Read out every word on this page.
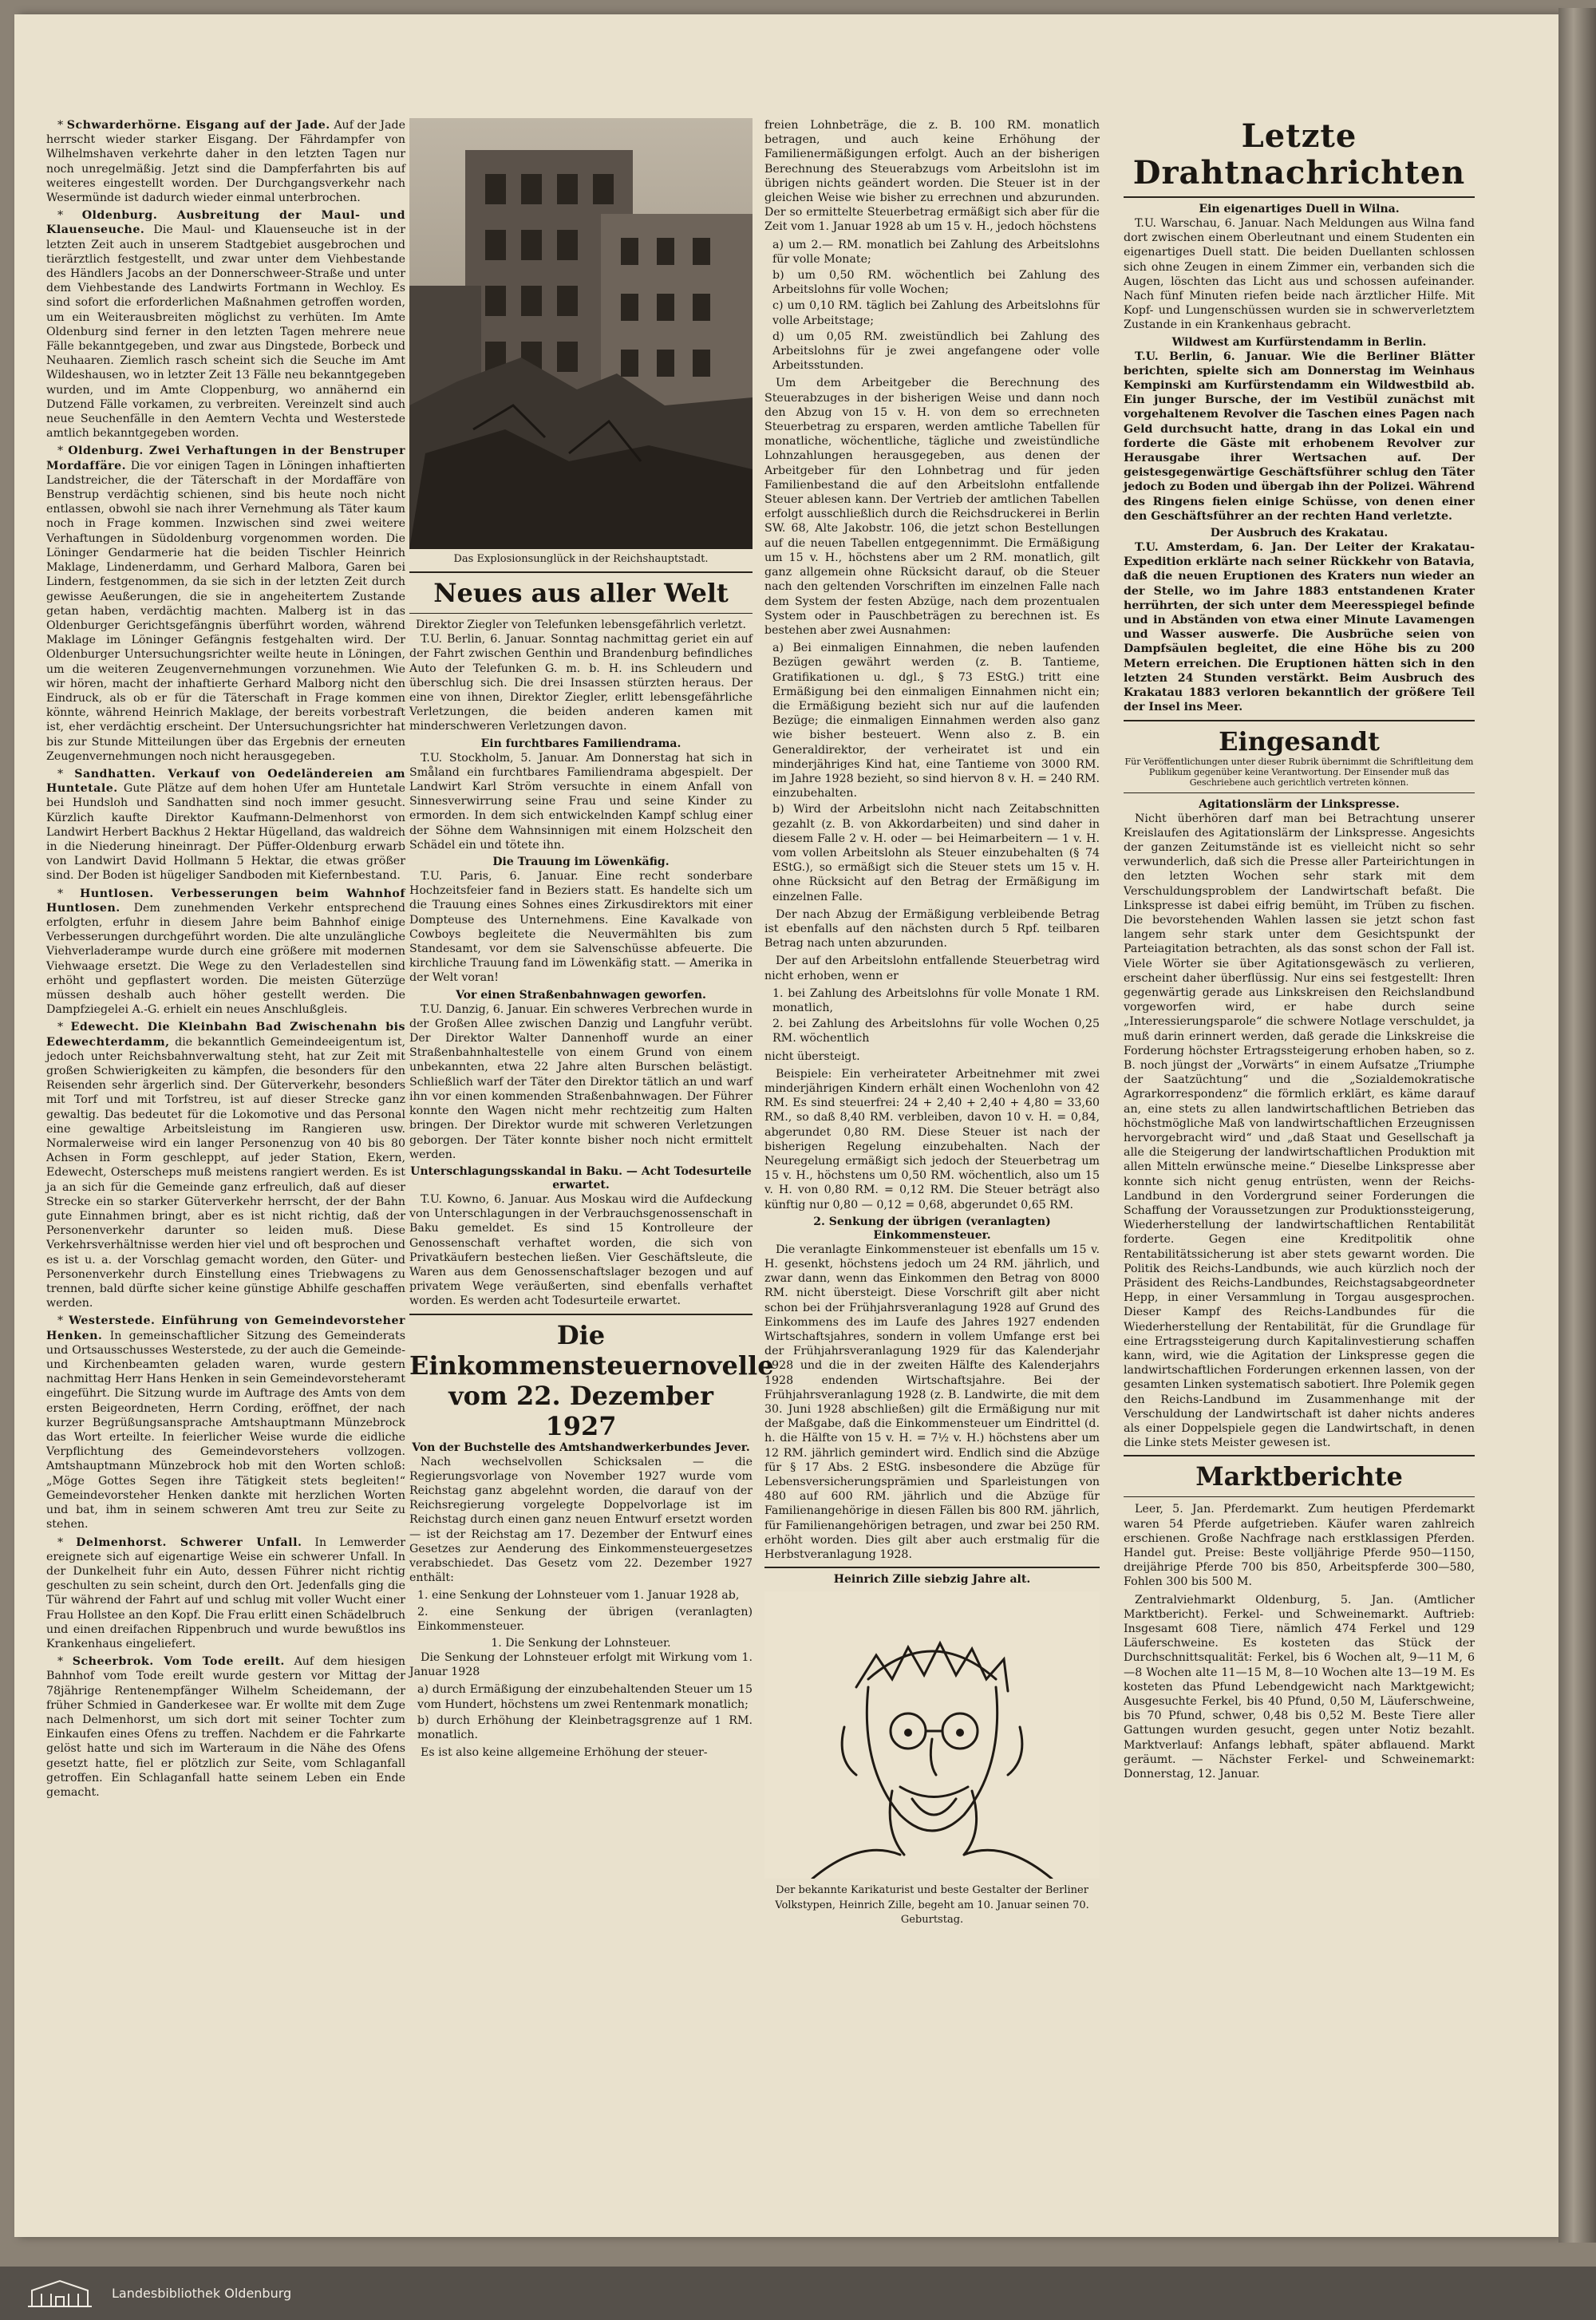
* Schwarderhörne. Eisgang auf der Jade. Auf der Jade herrscht wieder starker Eisgang. Der Fährdampfer von Wilhelmshaven verkehrte daher in den letzten Tagen nur noch unregelmäßig. Jetzt sind die Dampferfahrten bis auf weiteres eingestellt worden. Der Durchgangsverkehr nach Wesermünde ist dadurch wieder einmal unterbrochen.

* Oldenburg. Ausbreitung der Maul- und Klauenseuche. Die Maul- und Klauenseuche ist in der letzten Zeit auch in unserem Stadtgebiet ausgebrochen und tierärztlich festgestellt, und zwar unter dem Viehbestande des Händlers Jacobs an der Donnerschweer-Straße und unter dem Viehbestande des Landwirts Fortmann in Wechloy. Es sind sofort die erforderlichen Maßnahmen getroffen worden, um ein Weiterausbreiten möglichst zu verhüten. Im Amte Oldenburg sind ferner in den letzten Tagen mehrere neue Fälle bekanntgegeben, und zwar aus Dingstede, Borbeck und Neuhaaren. Ziemlich rasch scheint sich die Seuche im Amt Wildeshausen, wo in letzter Zeit 13 Fälle neu bekanntgegeben wurden, und im Amte Cloppenburg, wo annähernd ein Dutzend Fälle vorkamen, zu verbreiten. Vereinzelt sind auch neue Seuchenfälle in den Aemtern Vechta und Westerstede amtlich bekanntgegeben worden.

* Oldenburg. Zwei Verhaftungen in der Benstruper Mordaffäre. Die vor einigen Tagen in Löningen inhaftierten Landstreicher, die der Täterschaft in der Mordaffäre von Benstrup verdächtig schienen, sind bis heute noch nicht entlassen, obwohl sie nach ihrer Vernehmung als Täter kaum noch in Frage kommen. Inzwischen sind zwei weitere Verhaftungen in Südoldenburg vorgenommen worden. Die Löninger Gendarmerie hat die beiden Tischler Heinrich Maklage, Lindenerdamm, und Gerhard Malbora, Garen bei Lindern, festgenommen, da sie sich in der letzten Zeit durch gewisse Aeußerungen, die sie in angeheitertem Zustande getan haben, verdächtig machten. Malberg ist in das Oldenburger Gerichtsgefängnis überführt worden, während Maklage im Löninger Gefängnis festgehalten wird. Der Oldenburger Untersuchungsrichter weilte heute in Löningen, um die weiteren Zeugenvernehmungen vorzunehmen. Wie wir hören, macht der inhaftierte Gerhard Malborg nicht den Eindruck, als ob er für die Täterschaft in Frage kommen könnte, während Heinrich Maklage, der bereits vorbestraft ist, eher verdächtig erscheint. Der Untersuchungsrichter hat bis zur Stunde Mitteilungen über das Ergebnis der erneuten Zeugenvernehmungen noch nicht herausgegeben.

* Sandhatten. Verkauf von Oedeländereien am Huntetale. Gute Plätze auf dem hohen Ufer am Huntetale bei Hundsloh und Sandhatten sind noch immer gesucht. Kürzlich kaufte Direktor Kaufmann-Delmenhorst von Landwirt Herbert Backhus 2 Hektar Hügelland, das waldreich in die Niederung hineinragt. Der Püffer-Oldenburg erwarb von Landwirt David Hollmann 5 Hektar, die etwas größer sind. Der Boden ist hügeliger Sandboden mit Kiefernbestand.

* Huntlosen. Verbesserungen beim Wahnhof Huntlosen. Dem zunehmenden Verkehr entsprechend erfolgten, erfuhr in diesem Jahre beim Bahnhof einige Verbesserungen durchgeführt worden. Die alte unzulängliche Viehverladerampe wurde durch eine größere mit modernen Viehwaage ersetzt. Die Wege zu den Verladestellen sind erhöht und gepflastert worden. Die meisten Güterzüge müssen deshalb auch höher gestellt werden. Die Dampfziegelei A.-G. erhielt ein neues Anschlußgleis.

* Edewecht. Die Kleinbahn Bad Zwischenahn bis Edewechterdamm, die bekanntlich Gemeindeeigentum ist, jedoch unter Reichsbahnverwaltung steht, hat zur Zeit mit großen Schwierigkeiten zu kämpfen, die besonders für den Reisenden sehr ärgerlich sind. Der Güterverkehr, besonders mit Torf und mit Torfstreu, ist auf dieser Strecke ganz gewaltig. Das bedeutet für die Lokomotive und das Personal eine gewaltige Arbeitsleistung im Rangieren usw. Normalerweise wird ein langer Personenzug von 40 bis 80 Achsen in Form geschleppt, auf jeder Station, Ekern, Edewecht, Osterscheps muß meistens rangiert werden. Es ist ja an sich für die Gemeinde ganz erfreulich, daß auf dieser Strecke ein so starker Güterverkehr herrscht, der der Bahn gute Einnahmen bringt, aber es ist nicht richtig, daß der Personenverkehr darunter so leiden muß. Diese Verkehrsverhältnisse werden hier viel und oft besprochen und es ist u. a. der Vorschlag gemacht worden, den Güter- und Personenverkehr durch Einstellung eines Triebwagens zu trennen, bald dürfte sicher keine günstige Abhilfe geschaffen werden.

* Westerstede. Einführung von Gemeindevorsteher Henken. In gemeinschaftlicher Sitzung des Gemeinderats und Ortsausschusses Westerstede, zu der auch die Gemeinde- und Kirchenbeamten geladen waren, wurde gestern nachmittag Herr Hans Henken in sein Gemeindevorsteheramt eingeführt. Die Sitzung wurde im Auftrage des Amts von dem ersten Beigeordneten, Herrn Cording, eröffnet, der nach kurzer Begrüßungsansprache Amtshauptmann Münzebrock das Wort erteilte. In feierlicher Weise wurde die eidliche Verpflichtung des Gemeindevorstehers vollzogen. Amtshauptmann Münzebrock hob mit den Worten schloß: „Möge Gottes Segen ihre Tätigkeit stets begleiten!“ Gemeindevorsteher Henken dankte mit herzlichen Worten und bat, ihm in seinem schweren Amt treu zur Seite zu stehen.

* Delmenhorst. Schwerer Unfall. In Lemwerder ereignete sich auf eigenartige Weise ein schwerer Unfall. In der Dunkelheit fuhr ein Auto, dessen Führer nicht richtig geschulten zu sein scheint, durch den Ort. Jedenfalls ging die Tür während der Fahrt auf und schlug mit voller Wucht einer Frau Hollstee an den Kopf. Die Frau erlitt einen Schädelbruch und einen dreifachen Rippenbruch und wurde bewußtlos ins Krankenhaus eingeliefert.

* Scheerbrok. Vom Tode ereilt. Auf dem hiesigen Bahnhof vom Tode ereilt wurde gestern vor Mittag der 78jährige Rentenempfänger Wilhelm Scheidemann, der früher Schmied in Ganderkesee war. Er wollte mit dem Zuge nach Delmenhorst, um sich dort mit seiner Tochter zum Einkaufen eines Ofens zu treffen. Nachdem er die Fahrkarte gelöst hatte und sich im Warteraum in die Nähe des Ofens gesetzt hatte, fiel er plötzlich zur Seite, vom Schlaganfall getroffen. Ein Schlaganfall hatte seinem Leben ein Ende gemacht.

Das Explosionsunglück in der Reichshauptstadt.
Neues aus aller Welt
Direktor Ziegler von Telefunken lebensgefährlich verletzt.

T.U. Berlin, 6. Januar. Sonntag nachmittag geriet ein auf der Fahrt zwischen Genthin und Brandenburg befindliches Auto der Telefunken G. m. b. H. ins Schleudern und überschlug sich. Die drei Insassen stürzten heraus. Der eine von ihnen, Direktor Ziegler, erlitt lebensgefährliche Verletzungen, die beiden anderen kamen mit minderschweren Verletzungen davon.

Ein furchtbares Familiendrama.

T.U. Stockholm, 5. Januar. Am Donnerstag hat sich in Småland ein furchtbares Familiendrama abgespielt. Der Landwirt Karl Ström versuchte in einem Anfall von Sinnesverwirrung seine Frau und seine Kinder zu ermorden. In dem sich entwickelnden Kampf schlug einer der Söhne dem Wahnsinnigen mit einem Holzscheit den Schädel ein und tötete ihn.

Die Trauung im Löwenkäfig.

T.U. Paris, 6. Januar. Eine recht sonderbare Hochzeitsfeier fand in Beziers statt. Es handelte sich um die Trauung eines Sohnes eines Zirkusdirektors mit einer Dompteuse des Unternehmens. Eine Kavalkade von Cowboys begleitete die Neuvermählten bis zum Standesamt, vor dem sie Salvenschüsse abfeuerte. Die kirchliche Trauung fand im Löwenkäfig statt. — Amerika in der Welt voran!

Vor einen Straßenbahnwagen geworfen.

T.U. Danzig, 6. Januar. Ein schweres Verbrechen wurde in der Großen Allee zwischen Danzig und Langfuhr verübt. Der Direktor Walter Dannenhoff wurde an einer Straßenbahnhaltestelle von einem Grund von einem unbekannten, etwa 22 Jahre alten Burschen belästigt. Schließlich warf der Täter den Direktor tätlich an und warf ihn vor einen kommenden Straßenbahnwagen. Der Führer konnte den Wagen nicht mehr rechtzeitig zum Halten bringen. Der Direktor wurde mit schweren Verletzungen geborgen. Der Täter konnte bisher noch nicht ermittelt werden.

Unterschlagungsskandal in Baku. — Acht Todesurteile erwartet.

T.U. Kowno, 6. Januar. Aus Moskau wird die Aufdeckung von Unterschlagungen in der Verbrauchsgenossenschaft in Baku gemeldet. Es sind 15 Kontrolleure der Genossenschaft verhaftet worden, die sich von Privatkäufern bestechen ließen. Vier Geschäftsleute, die Waren aus dem Genossenschaftslager bezogen und auf privatem Wege veräußerten, sind ebenfalls verhaftet worden. Es werden acht Todesurteile erwartet.

Die Einkommensteuernovelle vom 22. Dezember 1927
Von der Buchstelle des Amtshandwerkerbundes Jever.

Nach wechselvollen Schicksalen — die Regierungsvorlage von November 1927 wurde vom Reichstag ganz abgelehnt worden, die darauf von der Reichsregierung vorgelegte Doppelvorlage ist im Reichstag durch einen ganz neuen Entwurf ersetzt worden — ist der Reichstag am 17. Dezember der Entwurf eines Gesetzes zur Aenderung des Einkommensteuergesetzes verabschiedet. Das Gesetz vom 22. Dezember 1927 enthält:

1. eine Senkung der Lohnsteuer vom 1. Januar 1928 ab,
2. eine Senkung der übrigen (veranlagten) Einkommensteuer.
1. Die Senkung der Lohnsteuer.

Die Senkung der Lohnsteuer erfolgt mit Wirkung vom 1. Januar 1928

a) durch Ermäßigung der einzubehaltenden Steuer um 15 vom Hundert, höchstens um zwei Rentenmark monatlich;
b) durch Erhöhung der Kleinbetragsgrenze auf 1 RM. monatlich.

Es ist also keine allgemeine Erhöhung der steuer-

freien Lohnbeträge, die z. B. 100 RM. monatlich betragen, und auch keine Erhöhung der Familienermäßigungen erfolgt. Auch an der bisherigen Berechnung des Steuerabzugs vom Arbeitslohn ist im übrigen nichts geändert worden. Die Steuer ist in der gleichen Weise wie bisher zu errechnen und abzurunden. Der so ermittelte Steuerbetrag ermäßigt sich aber für die Zeit vom 1. Januar 1928 ab um 15 v. H., jedoch höchstens

a) um 2.— RM. monatlich bei Zahlung des Arbeitslohns für volle Monate;
b) um 0,50 RM. wöchentlich bei Zahlung des Arbeitslohns für volle Wochen;
c) um 0,10 RM. täglich bei Zahlung des Arbeitslohns für volle Arbeitstage;
d) um 0,05 RM. zweistündlich bei Zahlung des Arbeitslohns für je zwei angefangene oder volle Arbeitsstunden.

Um dem Arbeitgeber die Berechnung des Steuerabzuges in der bisherigen Weise und dann noch den Abzug von 15 v. H. von dem so errechneten Steuerbetrag zu ersparen, werden amtliche Tabellen für monatliche, wöchentliche, tägliche und zweistündliche Lohnzahlungen herausgegeben, aus denen der Arbeitgeber für den Lohnbetrag und für jeden Familienbestand die auf den Arbeitslohn entfallende Steuer ablesen kann. Der Vertrieb der amtlichen Tabellen erfolgt ausschließlich durch die Reichsdruckerei in Berlin SW. 68, Alte Jakobstr. 106, die jetzt schon Bestellungen auf die neuen Tabellen entgegennimmt. Die Ermäßigung um 15 v. H., höchstens aber um 2 RM. monatlich, gilt ganz allgemein ohne Rücksicht darauf, ob die Steuer nach den geltenden Vorschriften im einzelnen Falle nach dem System der festen Abzüge, nach dem prozentualen System oder in Pauschbeträgen zu berechnen ist. Es bestehen aber zwei Ausnahmen:

a) Bei einmaligen Einnahmen, die neben laufenden Bezügen gewährt werden (z. B. Tantieme, Gratifikationen u. dgl., § 73 EStG.) tritt eine Ermäßigung bei den einmaligen Einnahmen nicht ein; die Ermäßigung bezieht sich nur auf die laufenden Bezüge; die einmaligen Einnahmen werden also ganz wie bisher besteuert. Wenn also z. B. ein Generaldirektor, der verheiratet ist und ein minderjähriges Kind hat, eine Tantieme von 3000 RM. im Jahre 1928 bezieht, so sind hiervon 8 v. H. = 240 RM. einzubehalten.
b) Wird der Arbeitslohn nicht nach Zeitabschnitten gezahlt (z. B. von Akkordarbeiten) und sind daher in diesem Falle 2 v. H. oder — bei Heimarbeitern — 1 v. H. vom vollen Arbeitslohn als Steuer einzubehalten (§ 74 EStG.), so ermäßigt sich die Steuer stets um 15 v. H. ohne Rücksicht auf den Betrag der Ermäßigung im einzelnen Falle.

Der nach Abzug der Ermäßigung verbleibende Betrag ist ebenfalls auf den nächsten durch 5 Rpf. teilbaren Betrag nach unten abzurunden.

Der auf den Arbeitslohn entfallende Steuerbetrag wird nicht erhoben, wenn er

1. bei Zahlung des Arbeitslohns für volle Monate 1 RM. monatlich,
2. bei Zahlung des Arbeitslohns für volle Wochen 0,25 RM. wöchentlich

nicht übersteigt.

Beispiele: Ein verheirateter Arbeitnehmer mit zwei minderjährigen Kindern erhält einen Wochenlohn von 42 RM. Es sind steuerfrei: 24 + 2,40 + 2,40 + 4,80 = 33,60 RM., so daß 8,40 RM. verbleiben, davon 10 v. H. = 0,84, abgerundet 0,80 RM. Diese Steuer ist nach der bisherigen Regelung einzubehalten. Nach der Neuregelung ermäßigt sich jedoch der Steuerbetrag um 15 v. H., höchstens um 0,50 RM. wöchentlich, also um 15 v. H. von 0,80 RM. = 0,12 RM. Die Steuer beträgt also künftig nur 0,80 — 0,12 = 0,68, abgerundet 0,65 RM.

2. Senkung der übrigen (veranlagten) Einkommensteuer.

Die veranlagte Einkommensteuer ist ebenfalls um 15 v. H. gesenkt, höchstens jedoch um 24 RM. jährlich, und zwar dann, wenn das Einkommen den Betrag von 8000 RM. nicht übersteigt. Diese Vorschrift gilt aber nicht schon bei der Frühjahrsveranlagung 1928 auf Grund des Einkommens des im Laufe des Jahres 1927 endenden Wirtschaftsjahres, sondern in vollem Umfange erst bei der Frühjahrsveranlagung 1929 für das Kalenderjahr 1928 und die in der zweiten Hälfte des Kalenderjahrs 1928 endenden Wirtschaftsjahre. Bei der Frühjahrsveranlagung 1928 (z. B. Landwirte, die mit dem 30. Juni 1928 abschließen) gilt die Ermäßigung nur mit der Maßgabe, daß die Einkommensteuer um Eindrittel (d. h. die Hälfte von 15 v. H. = 7½ v. H.) höchstens aber um 12 RM. jährlich gemindert wird. Endlich sind die Abzüge für § 17 Abs. 2 EStG. insbesondere die Abzüge für Lebensversicherungsprämien und Sparleistungen von 480 auf 600 RM. jährlich und die Abzüge für Familienangehörige in diesen Fällen bis 800 RM. jährlich, für Familienangehörigen betragen, und zwar bei 250 RM. erhöht worden. Dies gilt aber auch erstmalig für die Herbstveranlagung 1928.

Heinrich Zille siebzig Jahre alt.
Der bekannte Karikaturist und beste Gestalter der Berliner Volkstypen, Heinrich Zille, begeht am 10. Januar seinen 70. Geburtstag.
Letzte Drahtnachrichten
Ein eigenartiges Duell in Wilna.

T.U. Warschau, 6. Januar. Nach Meldungen aus Wilna fand dort zwischen einem Oberleutnant und einem Studenten ein eigenartiges Duell statt. Die beiden Duellanten schlossen sich ohne Zeugen in einem Zimmer ein, verbanden sich die Augen, löschten das Licht aus und schossen aufeinander. Nach fünf Minuten riefen beide nach ärztlicher Hilfe. Mit Kopf- und Lungenschüssen wurden sie in schwerverletztem Zustande in ein Krankenhaus gebracht.

Wildwest am Kurfürstendamm in Berlin.

T.U. Berlin, 6. Januar. Wie die Berliner Blätter berichten, spielte sich am Donnerstag im Weinhaus Kempinski am Kurfürstendamm ein Wildwestbild ab. Ein junger Bursche, der im Vestibül zunächst mit vorgehaltenem Revolver die Taschen eines Pagen nach Geld durchsucht hatte, drang in das Lokal ein und forderte die Gäste mit erhobenem Revolver zur Herausgabe ihrer Wertsachen auf. Der geistesgegenwärtige Geschäftsführer schlug den Täter jedoch zu Boden und übergab ihn der Polizei. Während des Ringens fielen einige Schüsse, von denen einer den Geschäftsführer an der rechten Hand verletzte.

Der Ausbruch des Krakatau.

T.U. Amsterdam, 6. Jan. Der Leiter der Krakatau-Expedition erklärte nach seiner Rückkehr von Batavia, daß die neuen Eruptionen des Kraters nun wieder an der Stelle, wo im Jahre 1883 entstandenen Krater herrührten, der sich unter dem Meeresspiegel befinde und in Abständen von etwa einer Minute Lavamengen und Wasser auswerfe. Die Ausbrüche seien von Dampfsäulen begleitet, die eine Höhe bis zu 200 Metern erreichen. Die Eruptionen hätten sich in den letzten 24 Stunden verstärkt. Beim Ausbruch des Krakatau 1883 verloren bekanntlich der größere Teil der Insel ins Meer.

Eingesandt
Für Veröffentlichungen unter dieser Rubrik übernimmt die Schriftleitung dem Publikum gegenüber keine Verantwortung. Der Einsender muß das Geschriebene auch gerichtlich vertreten können.
Agitationslärm der Linkspresse.

Nicht überhören darf man bei Betrachtung unserer Kreislaufen des Agitationslärm der Linkspresse. Angesichts der ganzen Zeitumstände ist es vielleicht nicht so sehr verwunderlich, daß sich die Presse aller Parteirichtungen in den letzten Wochen sehr stark mit dem Verschuldungsproblem der Landwirtschaft befaßt. Die Linkspresse ist dabei eifrig bemüht, im Trüben zu fischen. Die bevorstehenden Wahlen lassen sie jetzt schon fast langem sehr stark unter dem Gesichtspunkt der Parteiagitation betrachten, als das sonst schon der Fall ist. Viele Wörter sie über Agitationsgewäsch zu verlieren, erscheint daher überflüssig. Nur eins sei festgestellt: Ihren gegenwärtig gerade aus Linkskreisen den Reichslandbund vorgeworfen wird, er habe durch seine „Interessierungsparole“ die schwere Notlage verschuldet, ja muß darin erinnert werden, daß gerade die Linkskreise die Forderung höchster Ertragssteigerung erhoben haben, so z. B. noch jüngst der „Vorwärts“ in einem Aufsatze „Triumphe der Saatzüchtung“ und die „Sozialdemokratische Agrarkorrespondenz“ die förmlich erklärt, es käme darauf an, eine stets zu allen landwirtschaftlichen Betrieben das höchstmögliche Maß von landwirtschaftlichen Erzeugnissen hervorgebracht wird“ und „daß Staat und Gesellschaft ja alle die Steigerung der landwirtschaftlichen Produktion mit allen Mitteln erwünsche meine.“ Dieselbe Linkspresse aber konnte sich nicht genug entrüsten, wenn der Reichs-Landbund in den Vordergrund seiner Forderungen die Schaffung der Voraussetzungen zur Produktionssteigerung, Wiederherstellung der landwirtschaftlichen Rentabilität forderte. Gegen eine Kreditpolitik ohne Rentabilitätssicherung ist aber stets gewarnt worden. Die Politik des Reichs-Landbunds, wie auch kürzlich noch der Präsident des Reichs-Landbundes, Reichstagsabgeordneter Hepp, in einer Versammlung in Torgau ausgesprochen. Dieser Kampf des Reichs-Landbundes für die Wiederherstellung der Rentabilität, für die Grundlage für eine Ertragssteigerung durch Kapitalinvestierung schaffen kann, wird, wie die Agitation der Linkspresse gegen die landwirtschaftlichen Forderungen erkennen lassen, von der gesamten Linken systematisch sabotiert. Ihre Polemik gegen den Reichs-Landbund im Zusammenhange mit der Verschuldung der Landwirtschaft ist daher nichts anderes als einer Doppelspiele gegen die Landwirtschaft, in denen die Linke stets Meister gewesen ist.

Marktberichte

Leer, 5. Jan. Pferdemarkt. Zum heutigen Pferdemarkt waren 54 Pferde aufgetrieben. Käufer waren zahlreich erschienen. Große Nachfrage nach erstklassigen Pferden. Handel gut. Preise: Beste volljährige Pferde 950—1150, dreijährige Pferde 700 bis 850, Arbeitspferde 300—580, Fohlen 300 bis 500 M.

Zentralviehmarkt Oldenburg, 5. Jan. (Amtlicher Marktbericht). Ferkel- und Schweinemarkt. Auftrieb: Insgesamt 608 Tiere, nämlich 474 Ferkel und 129 Läuferschweine. Es kosteten das Stück der Durchschnittsqualität: Ferkel, bis 6 Wochen alt, 9—11 M, 6—8 Wochen alte 11—15 M, 8—10 Wochen alte 13—19 M. Es kosteten das Pfund Lebendgewicht nach Marktgewicht; Ausgesuchte Ferkel, bis 40 Pfund, 0,50 M, Läuferschweine, bis 70 Pfund, schwer, 0,48 bis 0,52 M. Beste Tiere aller Gattungen wurden gesucht, gegen unter Notiz bezahlt. Marktverlauf: Anfangs lebhaft, später abflauend. Markt geräumt. — Nächster Ferkel- und Schweinemarkt: Donnerstag, 12. Januar.

Landesbibliothek Oldenburg
